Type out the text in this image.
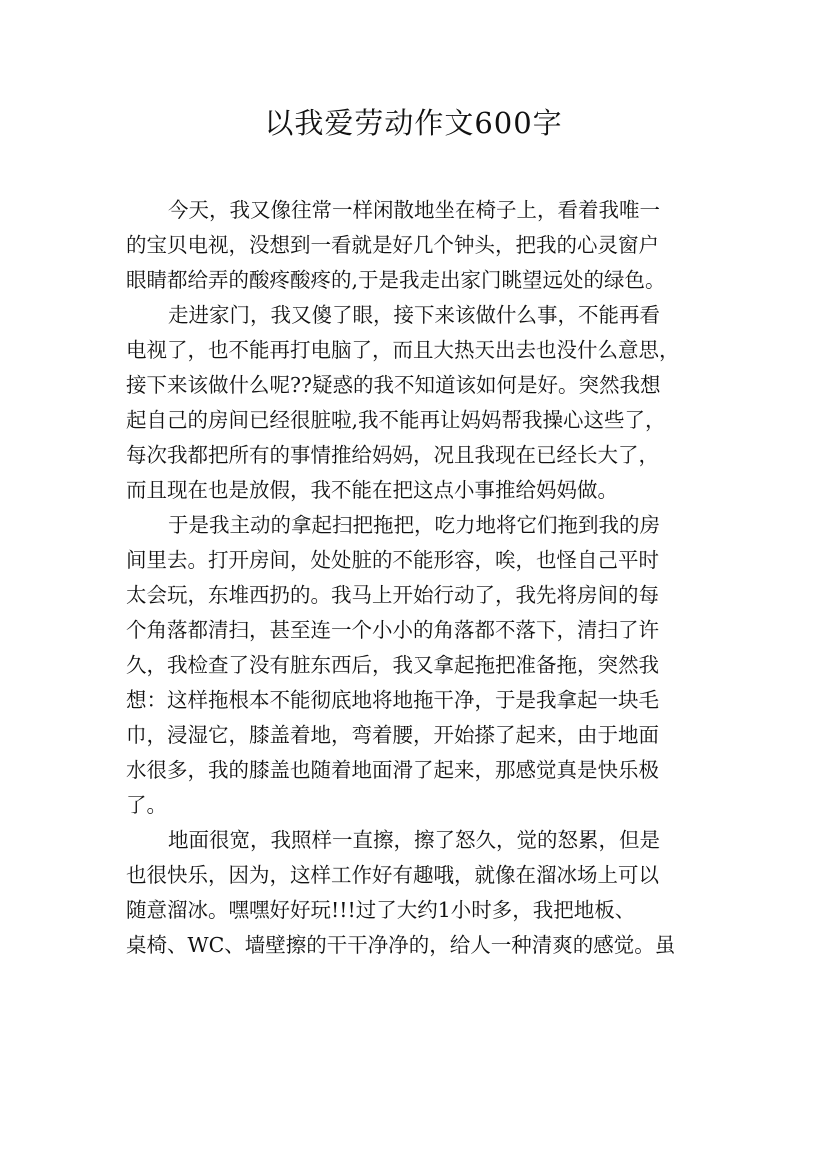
以我爱劳动作文600字
今天，我又像往常一样闲散地坐在椅子上，看着我唯一
的宝贝电视，没想到一看就是好几个钟头，把我的心灵窗户
眼睛都给弄的酸疼酸疼的,于是我走出家门眺望远处的绿色。
走进家门，我又傻了眼，接下来该做什么事，不能再看
电视了，也不能再打电脑了，而且大热天出去也没什么意思，
接下来该做什么呢??疑惑的我不知道该如何是好。突然我想
起自己的房间已经很脏啦,我不能再让妈妈帮我操心这些了，
每次我都把所有的事情推给妈妈，况且我现在已经长大了，
而且现在也是放假，我不能在把这点小事推给妈妈做。
于是我主动的拿起扫把拖把，吃力地将它们拖到我的房
间里去。打开房间，处处脏的不能形容，唉，也怪自己平时
太会玩，东堆西扔的。我马上开始行动了，我先将房间的每
个角落都清扫，甚至连一个小小的角落都不落下，清扫了许
久，我检查了没有脏东西后，我又拿起拖把准备拖，突然我
想：这样拖根本不能彻底地将地拖干净，于是我拿起一块毛
巾，浸湿它，膝盖着地，弯着腰，开始搽了起来，由于地面
水很多，我的膝盖也随着地面滑了起来，那感觉真是快乐极
了。
地面很宽，我照样一直擦，擦了怒久，觉的怒累，但是
也很快乐，因为，这样工作好有趣哦，就像在溜冰场上可以
随意溜冰。嘿嘿好好玩!!!过了大约1小时多，我把地板、
桌椅、WC、墙壁擦的干干净净的，给人一种清爽的感觉。虽
